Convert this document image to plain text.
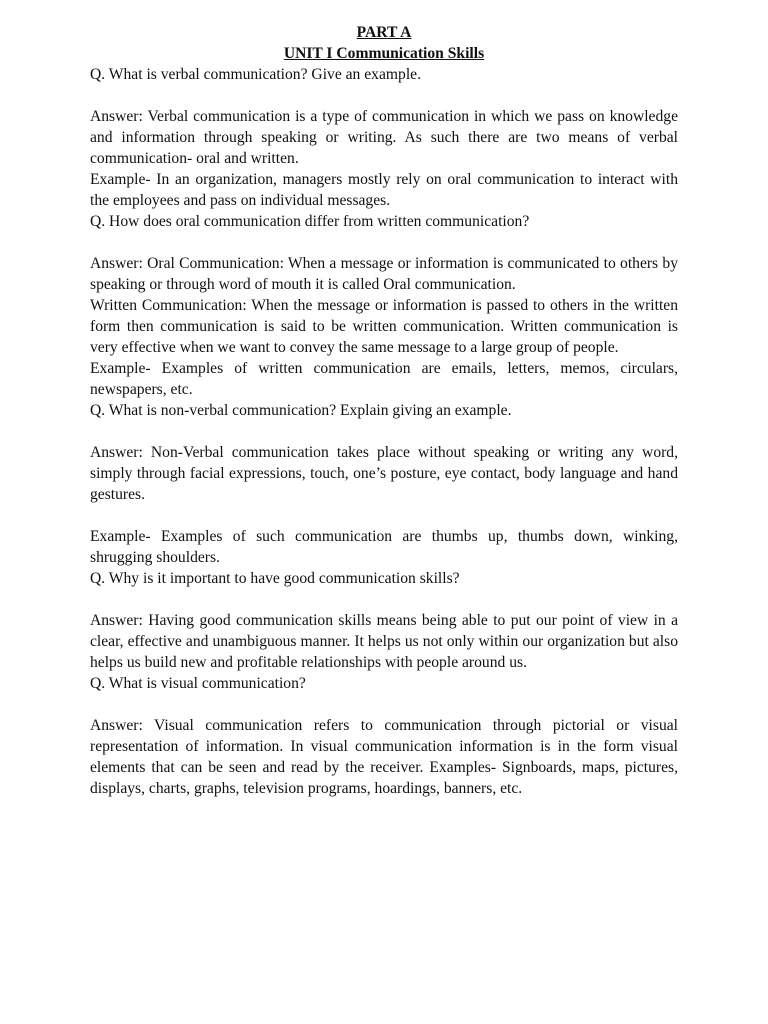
PART A
UNIT I Communication Skills

Q. What is verbal communication? Give an example.

Answer: Verbal communication is a type of communication in which we pass on knowledge and information through speaking or writing. As such there are two means of verbal communication- oral and written.

Example- In an organization, managers mostly rely on oral communication to interact with the employees and pass on individual messages.

Q. How does oral communication differ from written communication?

Answer: Oral Communication: When a message or information is communicated to others by speaking or through word of mouth it is called Oral communication.

Written Communication: When the message or information is passed to others in the written form then communication is said to be written communication. Written communication is very effective when we want to convey the same message to a large group of people.

Example- Examples of written communication are emails, letters, memos, circulars, newspapers, etc.

Q. What is non-verbal communication? Explain giving an example.

Answer: Non-Verbal communication takes place without speaking or writing any word, simply through facial expressions, touch, one’s posture, eye contact, body language and hand gestures.

Example- Examples of such communication are thumbs up, thumbs down, winking, shrugging shoulders.

Q. Why is it important to have good communication skills?

Answer: Having good communication skills means being able to put our point of view in a clear, effective and unambiguous manner. It helps us not only within our organization but also helps us build new and profitable relationships with people around us.

Q. What is visual communication?

Answer: Visual communication refers to communication through pictorial or visual representation of information. In visual communication information is in the form visual elements that can be seen and read by the receiver. Examples- Signboards, maps, pictures, displays, charts, graphs, television programs, hoardings, banners, etc.
